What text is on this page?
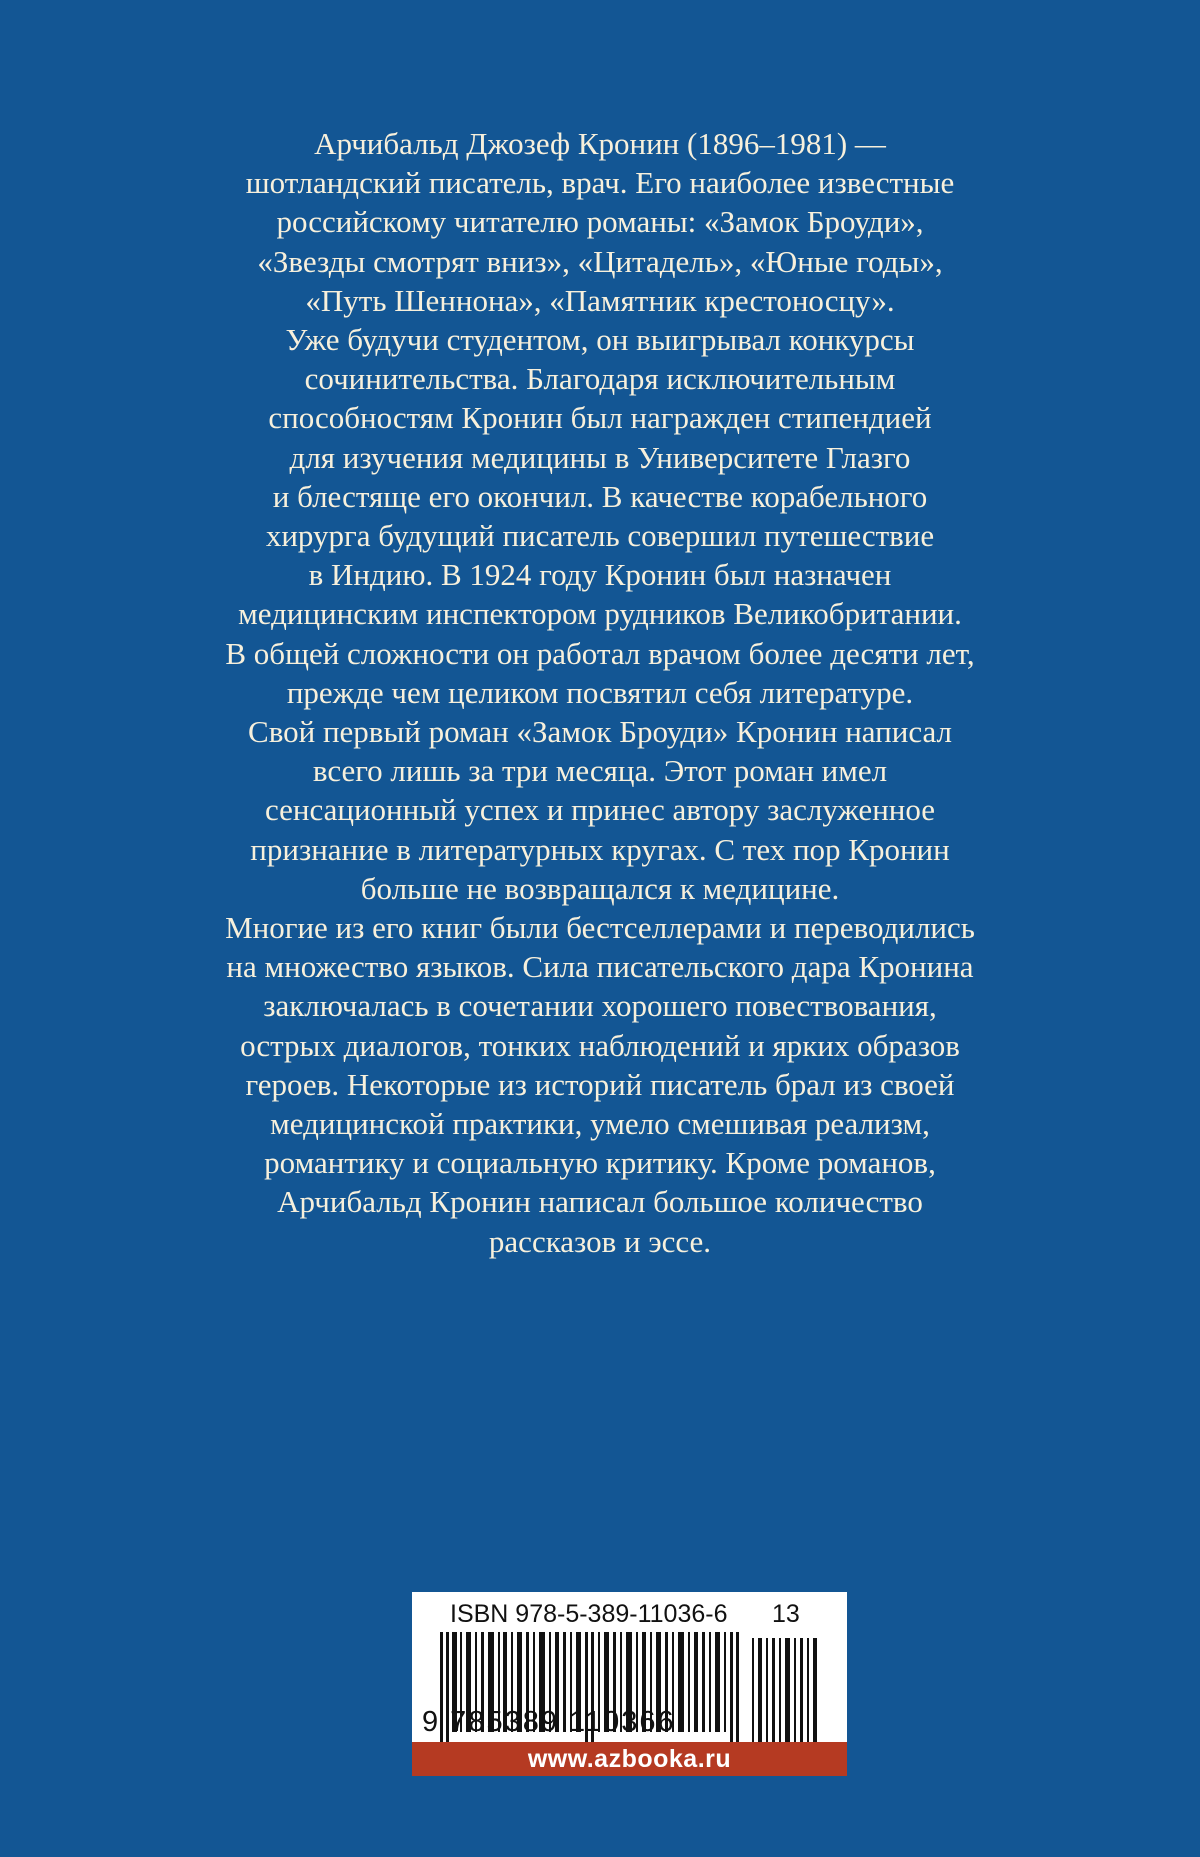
Арчибальд Джозеф Кронин (1896–1981) —
шотландский писатель, врач. Его наиболее известные
российскому читателю романы: «Замок Броуди»,
«Звезды смотрят вниз», «Цитадель», «Юные годы»,
«Путь Шеннона», «Памятник крестоносцу».
Уже будучи студентом, он выигрывал конкурсы
сочинительства. Благодаря исключительным
способностям Кронин был награжден стипендией
для изучения медицины в Университете Глазго
и блестяще его окончил. В качестве корабельного
хирурга будущий писатель совершил путешествие
в Индию. В 1924 году Кронин был назначен
медицинским инспектором рудников Великобритании.
В общей сложности он работал врачом более десяти лет,
прежде чем целиком посвятил себя литературе.
Свой первый роман «Замок Броуди» Кронин написал
всего лишь за три месяца. Этот роман имел
сенсационный успех и принес автору заслуженное
признание в литературных кругах. С тех пор Кронин
больше не возвращался к медицине.
Многие из его книг были бестселлерами и переводились
на множество языков. Сила писательского дара Кронина
заключалась в сочетании хорошего повествования,
острых диалогов, тонких наблюдений и ярких образов
героев. Некоторые из историй писатель брал из своей
медицинской практики, умело смешивая реализм,
романтику и социальную критику. Кроме романов,
Арчибальд Кронин написал большое количество
рассказов и эссе.
ISBN 978-5-389-11036-6 13
9 785389 110366
www.azbooka.ru
